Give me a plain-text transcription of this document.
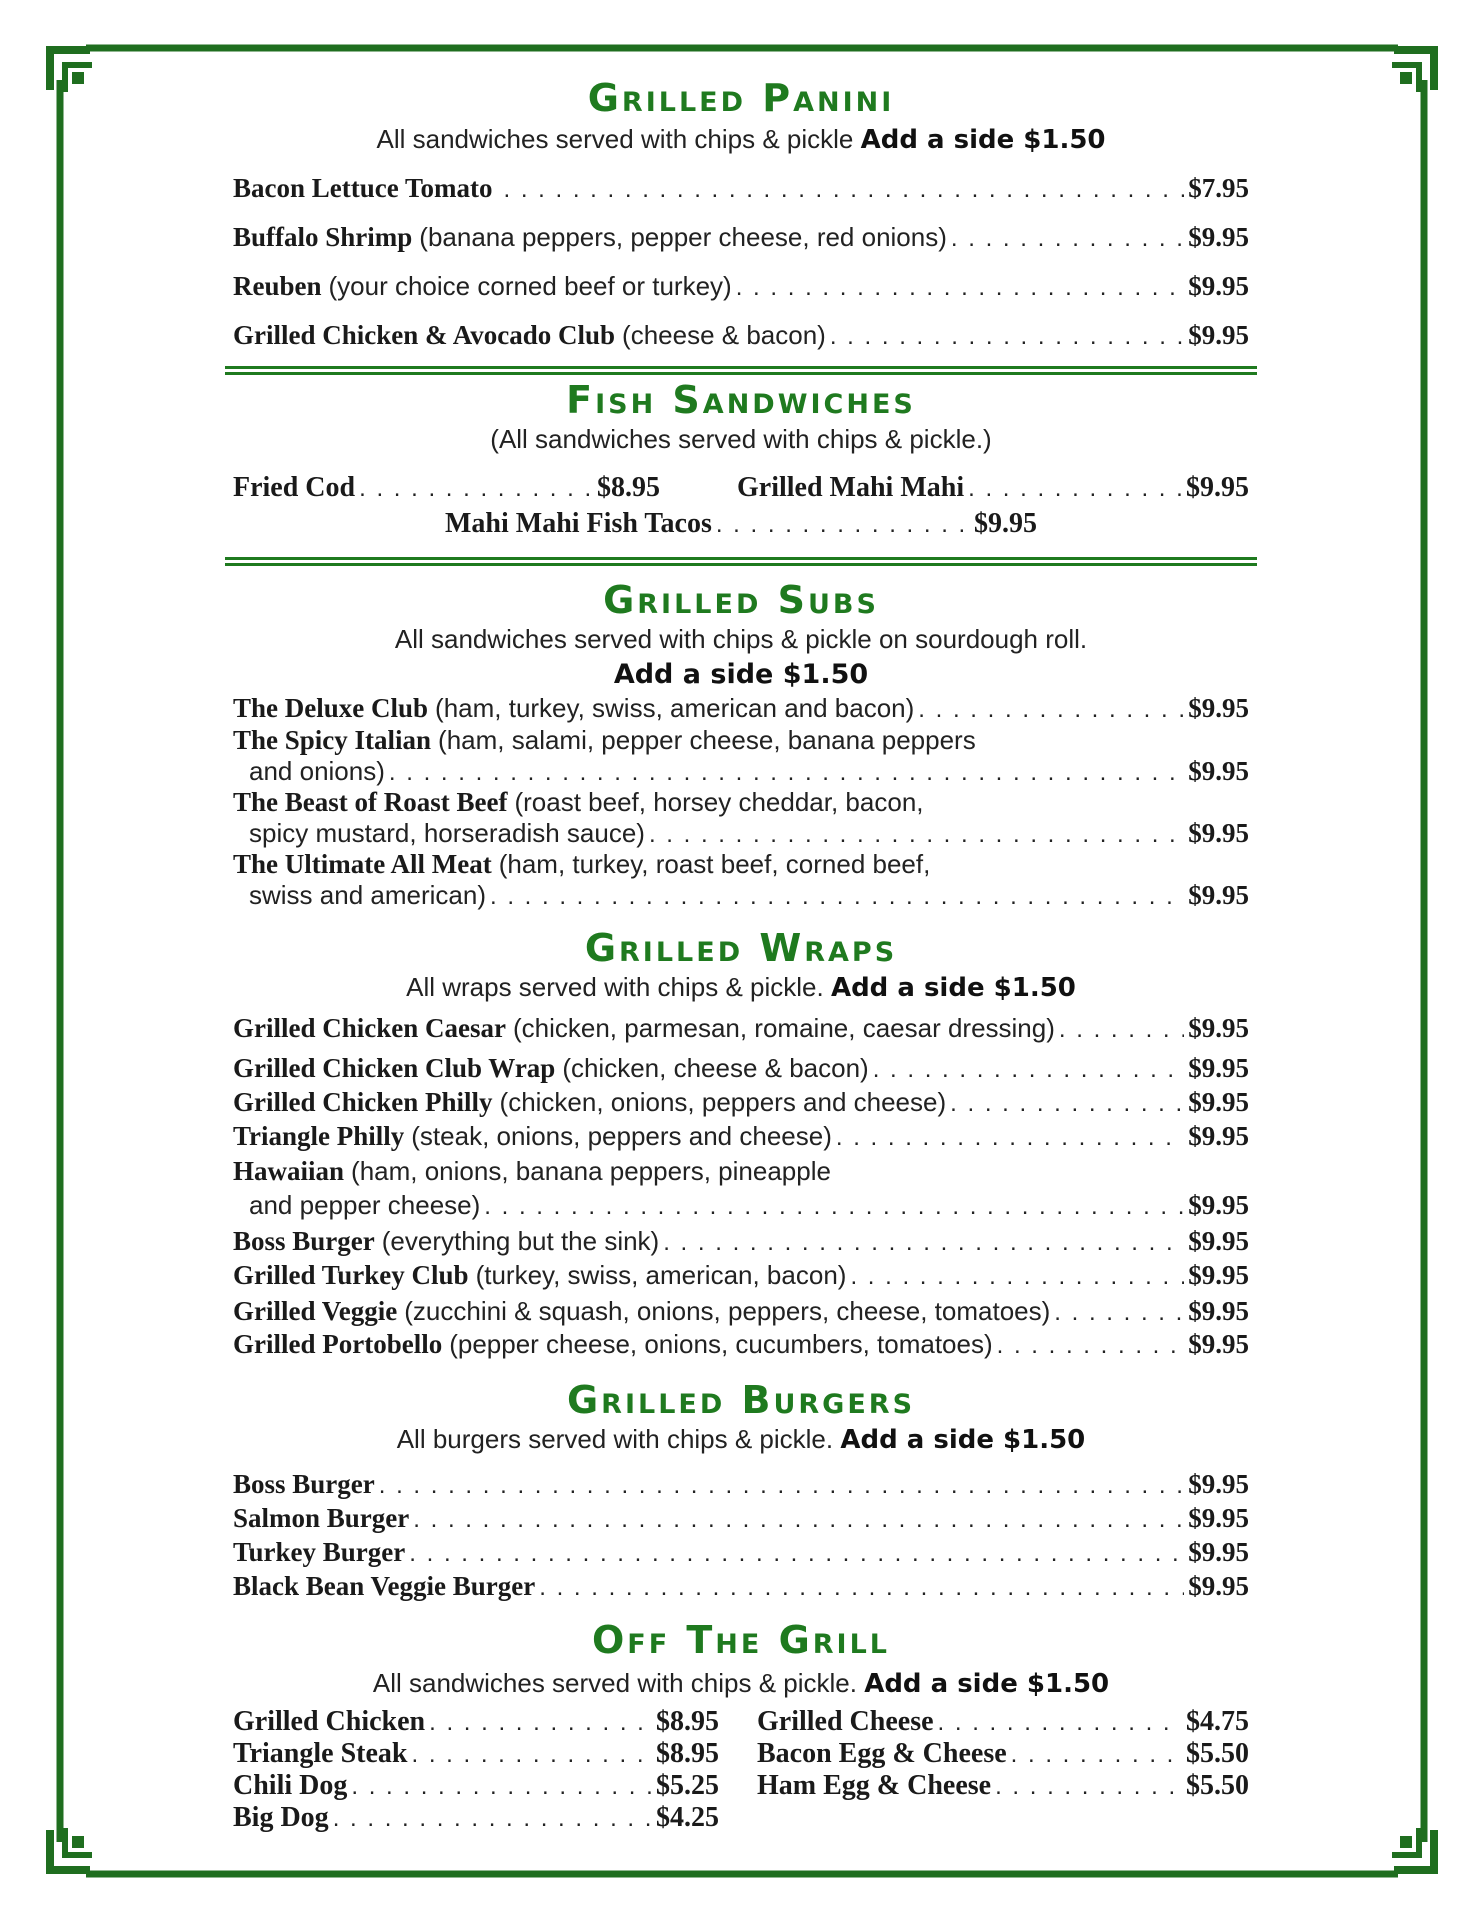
Grilled Panini
All sandwiches served with chips & pickle Add a side $1.50
Bacon Lettuce Tomato . . .	$7.95
Buffalo Shrimp (banana peppers, pepper cheese, red onions) . . .	$9.95
Reuben (your choice corned beef or turkey) . . .	$9.95
Grilled Chicken & Avocado Club (cheese & bacon) . . .	$9.95
Fish Sandwiches
(All sandwiches served with chips & pickle.)
Fried Cod . . .	$8.95	Grilled Mahi Mahi . . .	$9.95
Mahi Mahi Fish Tacos . . .	$9.95
Grilled Subs
All sandwiches served with chips & pickle on sourdough roll.
Add a side $1.50
The Deluxe Club (ham, turkey, swiss, american and bacon) . . .	$9.95
The Spicy Italian (ham, salami, pepper cheese, banana peppers
and onions) . . .	$9.95
The Beast of Roast Beef (roast beef, horsey cheddar, bacon,
spicy mustard, horseradish sauce) . . .	$9.95
The Ultimate All Meat (ham, turkey, roast beef, corned beef,
swiss and american) . . .	$9.95
Grilled Wraps
All wraps served with chips & pickle. Add a side $1.50
Grilled Chicken Caesar (chicken, parmesan, romaine, caesar dressing) . . .	$9.95
Grilled Chicken Club Wrap (chicken, cheese & bacon) . . .	$9.95
Grilled Chicken Philly (chicken, onions, peppers and cheese) . . .	$9.95
Triangle Philly (steak, onions, peppers and cheese) . . .	$9.95
Hawaiian (ham, onions, banana peppers, pineapple
and pepper cheese) . . .	$9.95
Boss Burger (everything but the sink) . . .	$9.95
Grilled Turkey Club (turkey, swiss, american, bacon) . . .	$9.95
Grilled Veggie (zucchini & squash, onions, peppers, cheese, tomatoes) . . .	$9.95
Grilled Portobello (pepper cheese, onions, cucumbers, tomatoes) . . .	$9.95
Grilled Burgers
All burgers served with chips & pickle. Add a side $1.50
Boss Burger . . .	$9.95
Salmon Burger . . .	$9.95
Turkey Burger . . .	$9.95
Black Bean Veggie Burger . . .	$9.95
Off The Grill
All sandwiches served with chips & pickle. Add a side $1.50
Grilled Chicken . . .	$8.95
Triangle Steak . . .	$8.95
Chili Dog . . .	$5.25
Big Dog . . .	$4.25
Grilled Cheese . . .	$4.75
Bacon Egg & Cheese . . .	$5.50
Ham Egg & Cheese . . .	$5.50
